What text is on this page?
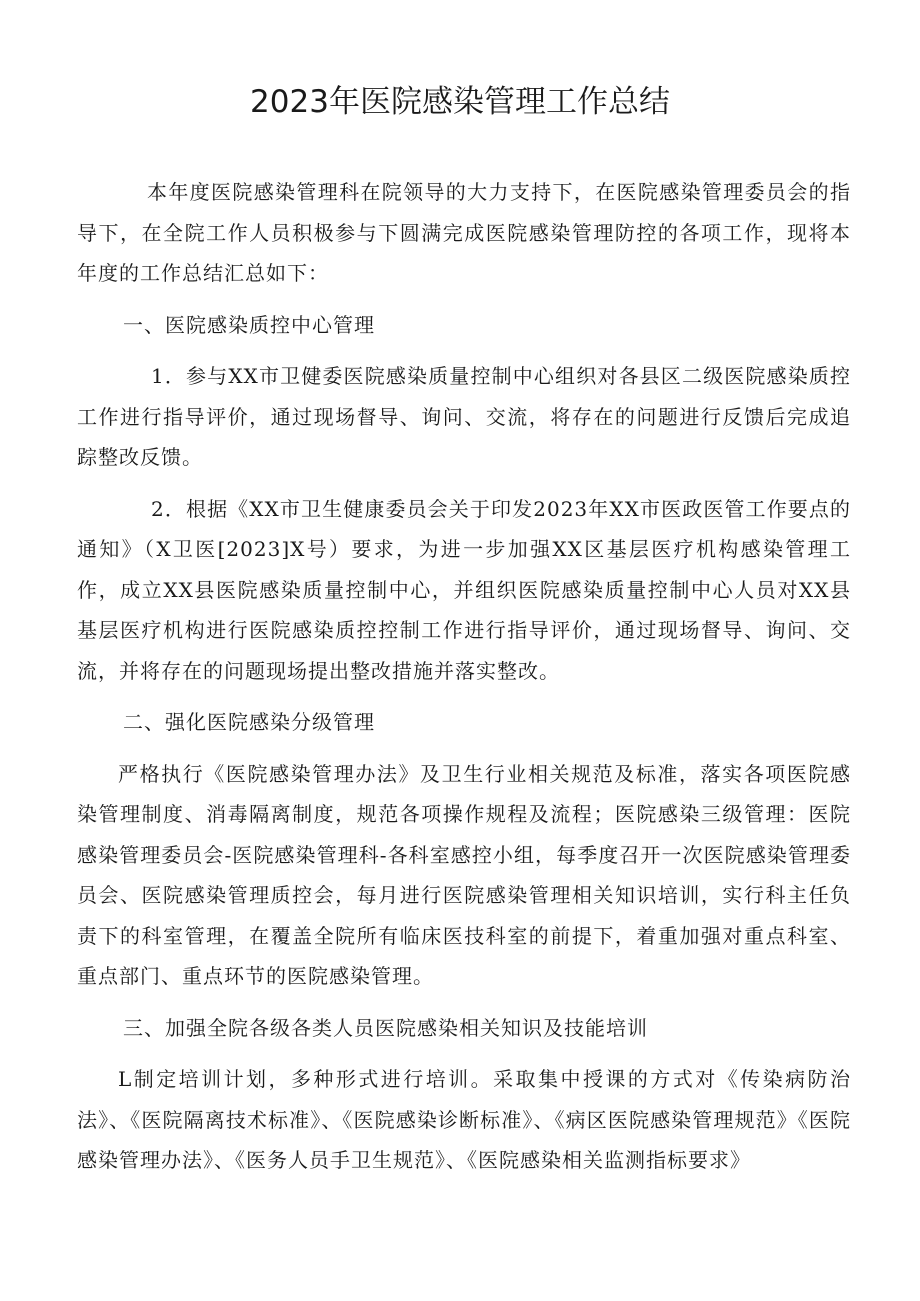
2023年医院感染管理工作总结

本年度医院感染管理科在院领导的大力支持下，在医院感染管理委员会的指导下，在全院工作人员积极参与下圆满完成医院感染管理防控的各项工作，现将本年度的工作总结汇总如下：

一、医院感染质控中心管理

1．参与XX市卫健委医院感染质量控制中心组织对各县区二级医院感染质控工作进行指导评价，通过现场督导、询问、交流，将存在的问题进行反馈后完成追踪整改反馈。

2．根据《XX市卫生健康委员会关于印发2023年XX市医政医管工作要点的通知》（X卫医[2023]X号）要求，为进一步加强XX区基层医疗机构感染管理工作，成立XX县医院感染质量控制中心，并组织医院感染质量控制中心人员对XX县基层医疗机构进行医院感染质控控制工作进行指导评价，通过现场督导、询问、交流，并将存在的问题现场提出整改措施并落实整改。

二、强化医院感染分级管理

严格执行《医院感染管理办法》及卫生行业相关规范及标准，落实各项医院感染管理制度、消毒隔离制度，规范各项操作规程及流程；医院感染三级管理：医院感染管理委员会-医院感染管理科-各科室感控小组，每季度召开一次医院感染管理委员会、医院感染管理质控会，每月进行医院感染管理相关知识培训，实行科主任负责下的科室管理，在覆盖全院所有临床医技科室的前提下，着重加强对重点科室、重点部门、重点环节的医院感染管理。

三、加强全院各级各类人员医院感染相关知识及技能培训

L制定培训计划，多种形式进行培训。采取集中授课的方式对《传染病防治法》、《医院隔离技术标准》、《医院感染诊断标准》、《病区医院感染管理规范》《医院感染管理办法》、《医务人员手卫生规范》、《医院感染相关监测指标要求》
